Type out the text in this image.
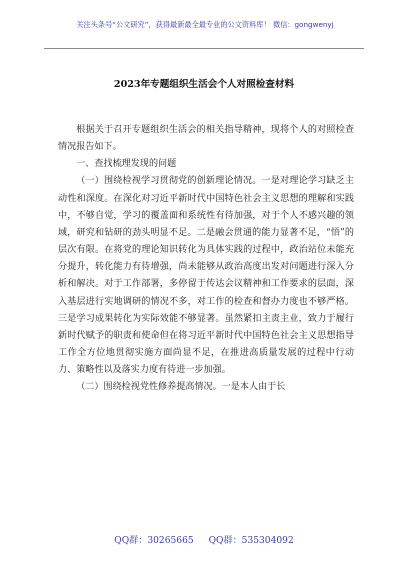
关注头条号“公文研究”，获得最新最全最专业的公文资料库！ 微信：gongwenyj
2023年专题组织生活会个人对照检查材料

根据关于召开专题组织生活会的相关指导精神，现将个人的对照检查情况报告如下。

一、查找梳理发现的问题

（一）围绕检视学习贯彻党的创新理论情况。一是对理论学习缺乏主动性和深度。在深化对习近平新时代中国特色社会主义思想的理解和实践中，不够自觉，学习的覆盖面和系统性有待加强，对于个人不感兴趣的领域，研究和钻研的劲头明显不足。二是融会贯通的能力显著不足，“悟”的层次有限。在将党的理论知识转化为具体实践的过程中，政治站位未能充分提升，转化能力有待增强，尚未能够从政治高度出发对问题进行深入分析和解决。对于工作部署，多停留于传达会议精神和工作要求的层面，深入基层进行实地调研的情况不多，对工作的检查和督办力度也不够严格。三是学习成果转化为实际效能不够显著。虽然紧扣主责主业，致力于履行新时代赋予的职责和使命但在将习近平新时代中国特色社会主义思想指导工作全方位地贯彻实施方面尚显不足，在推进高质量发展的过程中行动力、策略性以及落实力度有待进一步加强。

（二）围绕检视党性修养提高情况。一是本人由于长

QQ群：30265665 QQ群：535304092
